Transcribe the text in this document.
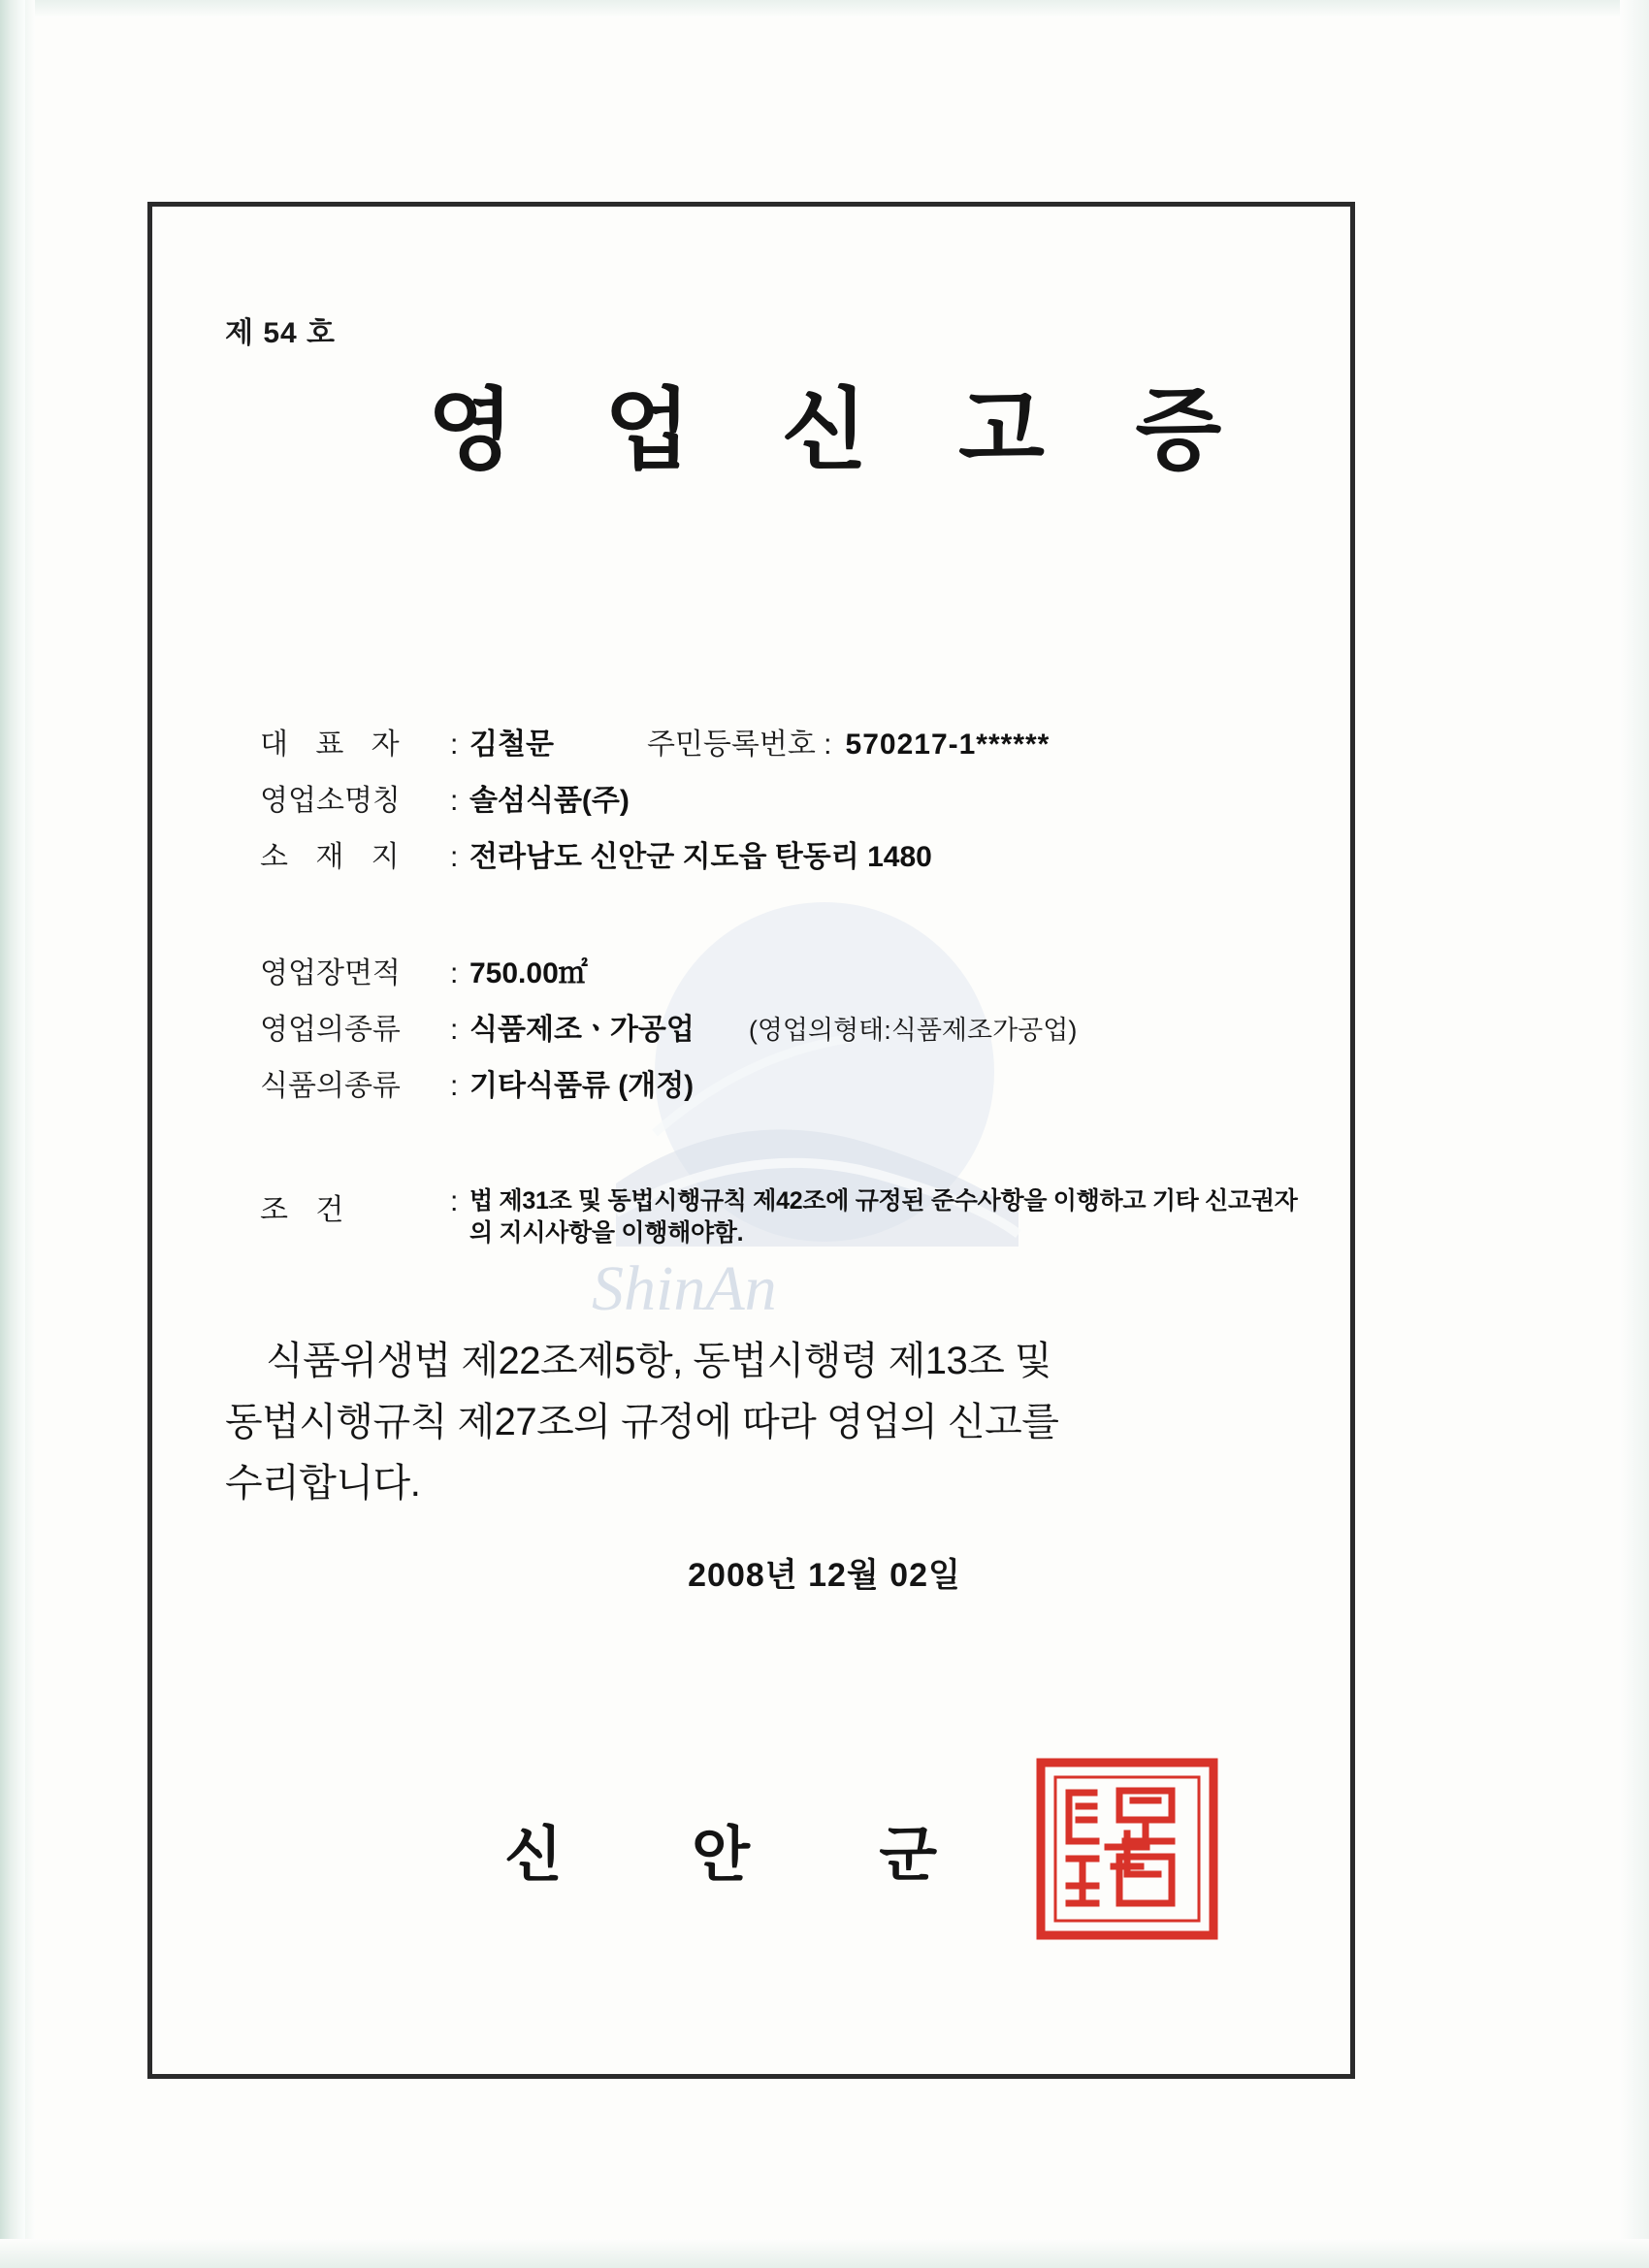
ShinAn
제 54 호
영 업 신 고 증
대 표 자	: 김철문	주민등록번호 : 570217-1******
영업소명칭	: 솔섬식품(주)
소 재 지	: 전라남도 신안군 지도읍 탄동리 1480
영업장면적	: 750.00㎡
영업의종류	: 식품제조ㆍ가공업 (영업의형태:식품제조가공업)
식품의종류	: 기타식품류 (개정)
조 건	: 법 제31조 및 동법시행규칙 제42조에 규정된 준수사항을 이행하고 기타 신고권자의 지시사항을 이행해야함.
식품위생법 제22조제5항, 동법시행령 제13조 및
동법시행규칙 제27조의 규정에 따라 영업의 신고를
수리합니다.
2008년 12월 02일
신 안 군
